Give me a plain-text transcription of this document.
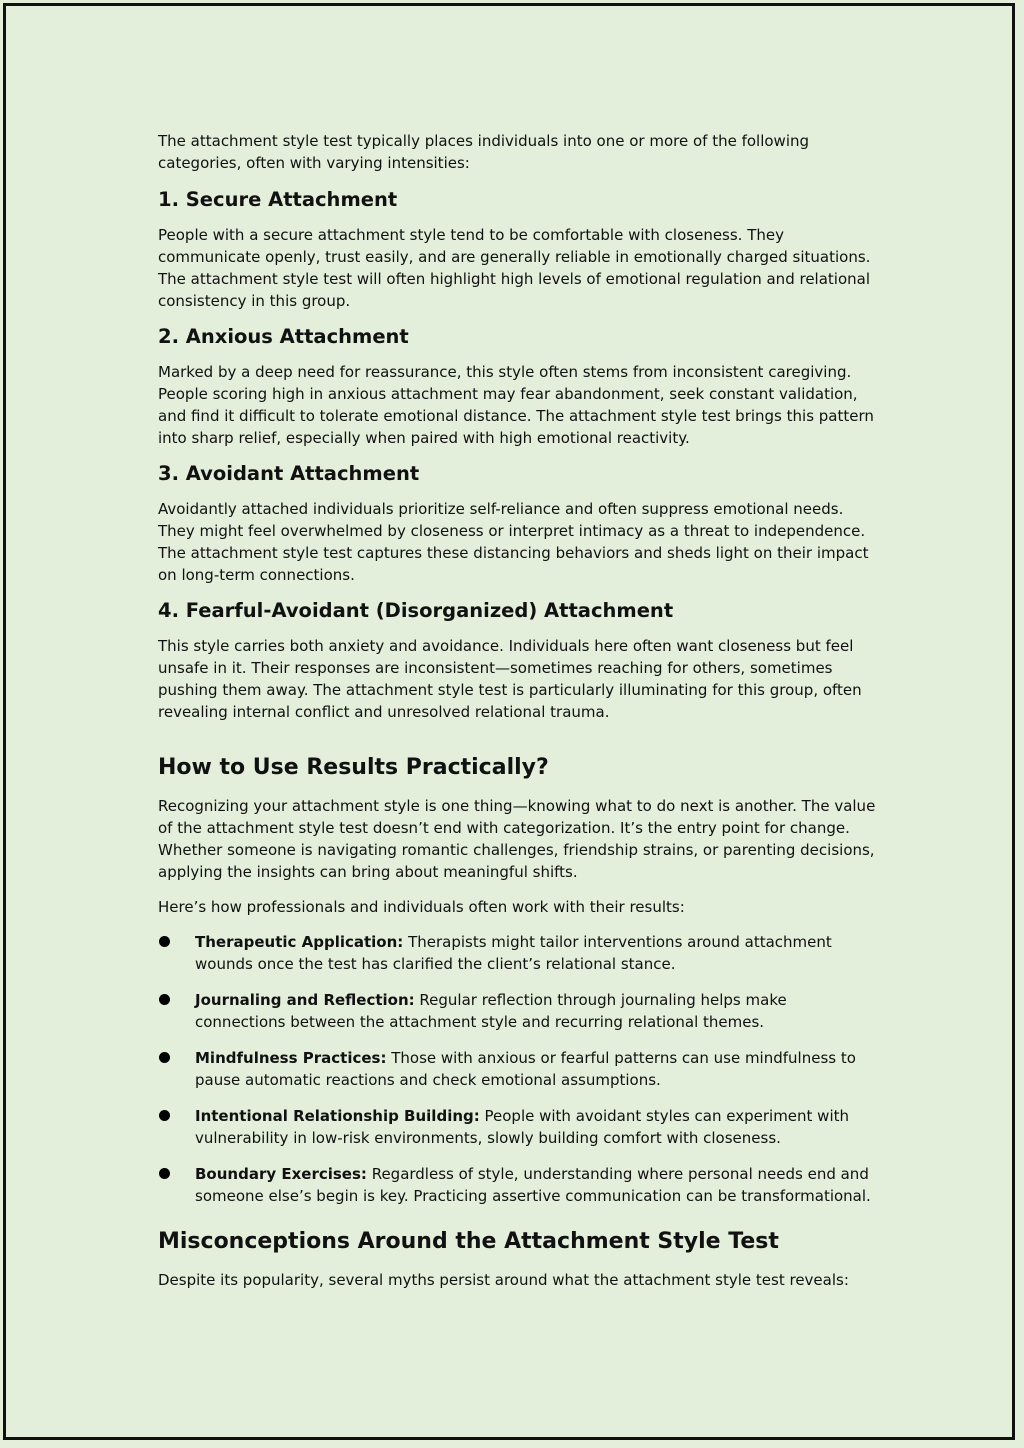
The attachment style test typically places individuals into one or more of the following categories, often with varying intensities:

1. Secure Attachment

People with a secure attachment style tend to be comfortable with closeness. They communicate openly, trust easily, and are generally reliable in emotionally charged situations. The attachment style test will often highlight high levels of emotional regulation and relational consistency in this group.

2. Anxious Attachment

Marked by a deep need for reassurance, this style often stems from inconsistent caregiving. People scoring high in anxious attachment may fear abandonment, seek constant validation, and find it difficult to tolerate emotional distance. The attachment style test brings this pattern into sharp relief, especially when paired with high emotional reactivity.

3. Avoidant Attachment

Avoidantly attached individuals prioritize self-reliance and often suppress emotional needs. They might feel overwhelmed by closeness or interpret intimacy as a threat to independence. The attachment style test captures these distancing behaviors and sheds light on their impact on long-term connections.

4. Fearful-Avoidant (Disorganized) Attachment

This style carries both anxiety and avoidance. Individuals here often want closeness but feel unsafe in it. Their responses are inconsistent—sometimes reaching for others, sometimes pushing them away. The attachment style test is particularly illuminating for this group, often revealing internal conflict and unresolved relational trauma.

How to Use Results Practically?

Recognizing your attachment style is one thing—knowing what to do next is another. The value of the attachment style test doesn’t end with categorization. It’s the entry point for change. Whether someone is navigating romantic challenges, friendship strains, or parenting decisions, applying the insights can bring about meaningful shifts.

Here’s how professionals and individuals often work with their results:

Therapeutic Application: Therapists might tailor interventions around attachment wounds once the test has clarified the client’s relational stance.
Journaling and Reflection: Regular reflection through journaling helps make connections between the attachment style and recurring relational themes.
Mindfulness Practices: Those with anxious or fearful patterns can use mindfulness to pause automatic reactions and check emotional assumptions.
Intentional Relationship Building: People with avoidant styles can experiment with vulnerability in low-risk environments, slowly building comfort with closeness.
Boundary Exercises: Regardless of style, understanding where personal needs end and someone else’s begin is key. Practicing assertive communication can be transformational.
Misconceptions Around the Attachment Style Test

Despite its popularity, several myths persist around what the attachment style test reveals:
